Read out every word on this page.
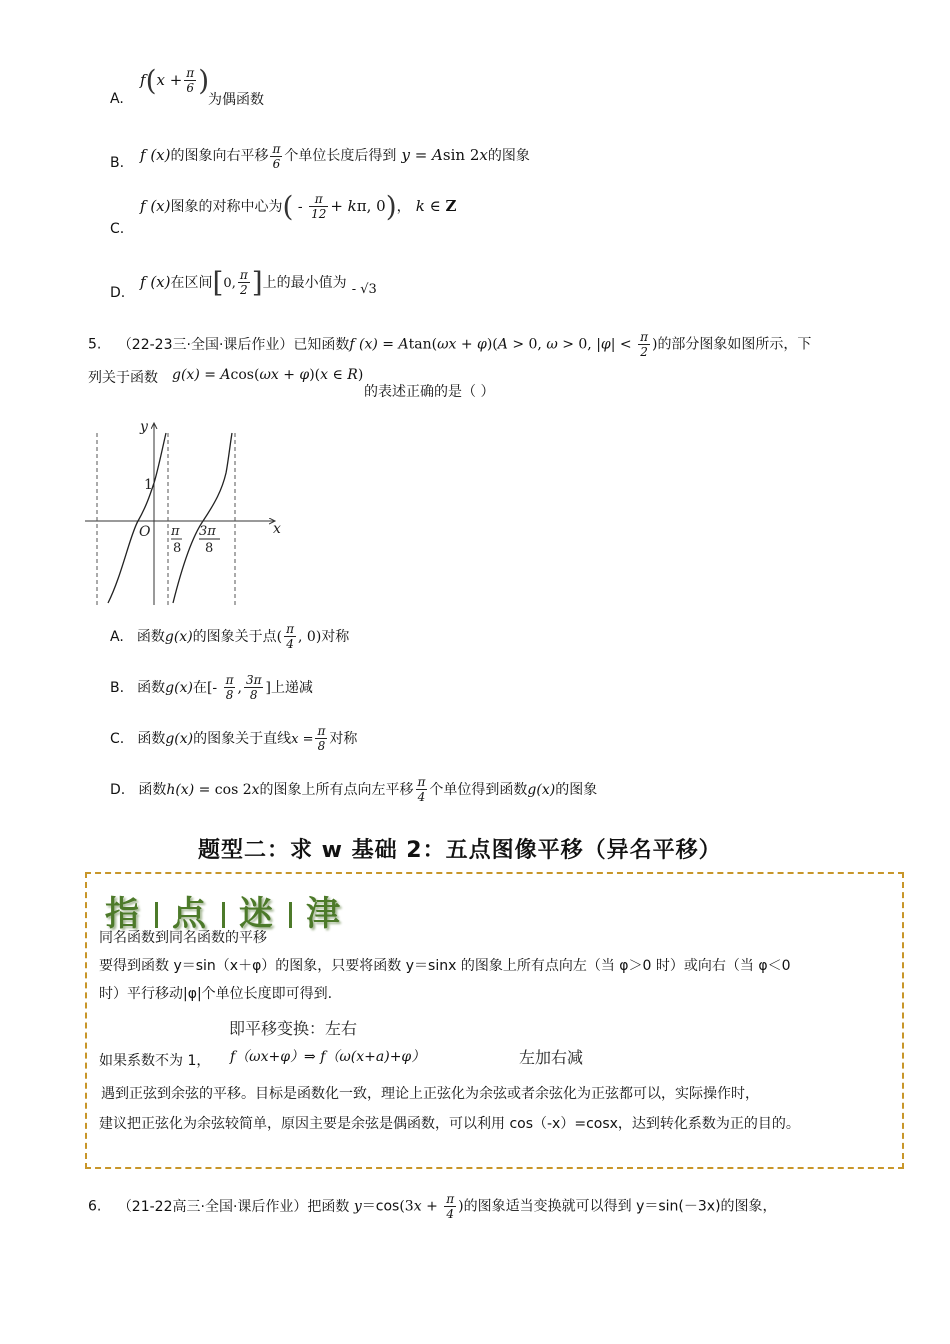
A.
$f(x + \frac{\pi}{6}$ )
为偶函数
B. f (x)的图象向右平移 $\frac{\pi}{6}$ 个单位长度后得到 y = Asin 2x的图象
C.
f (x)图象的对称中心为( - $\frac{\pi}{12} + k\pi$, 0)， k ∈ Z
D.
f (x)在区间[0, $\frac{\pi}{2}$ ]上的最小值为 $_{- √3}$
5. （22-23三·全国·课后作业）已知函数f (x) = Atan(ωx + φ)(A > 0, ω > 0, $|\varphi| < \frac{\pi}{2}$ )的部分图象如图所示，下
列关于函数 g(x) = Acos(ωx + φ)(x ∈ R)
的表述正确的是（ ）
y
x
O
1
π
8
3π
8
A. 函数g(x)的图象关于点( $\frac{\pi}{4}$ , 0)对称
B. 函数g(x)在[- $\frac{\pi}{8}$ , $\frac{3\pi}{8}$ ]上递减
C. 函数g(x)的图象关于直线$x = \frac{\pi}{8}$ 对称
D. 函数h(x) = cos 2x的图象上所有点向左平移 $\frac{\pi}{4}$ 个单位得到函数g(x)的图象
题型二：求 w 基础 2：五点图像平移（异名平移）
指 点 迷 津
同名函数到同名函数的平移
要得到函数 y＝sin（x＋φ）的图象，只要将函数 y＝sinx 的图象上所有点向左（当 φ＞0 时）或向右（当 φ＜0
时）平行移动|φ|个单位长度即可得到.
即平移变换：左右
如果系数不为 1， f（ωx+φ）⇒ f（ω(x+a)+φ）	左加右减
遇到正弦到余弦的平移。目标是函数化一致，理论上正弦化为余弦或者余弦化为正弦都可以，实际操作时，
建议把正弦化为余弦较简单，原因主要是余弦是偶函数，可以利用 cos（-x）=cosx，达到转化系数为正的目的。
6. （21-22高三·全国·课后作业）把函数 $y=\cos(3x + \frac{\pi}{4}$ )的图象适当变换就可以得到 y＝sin(－3x)的图象，
